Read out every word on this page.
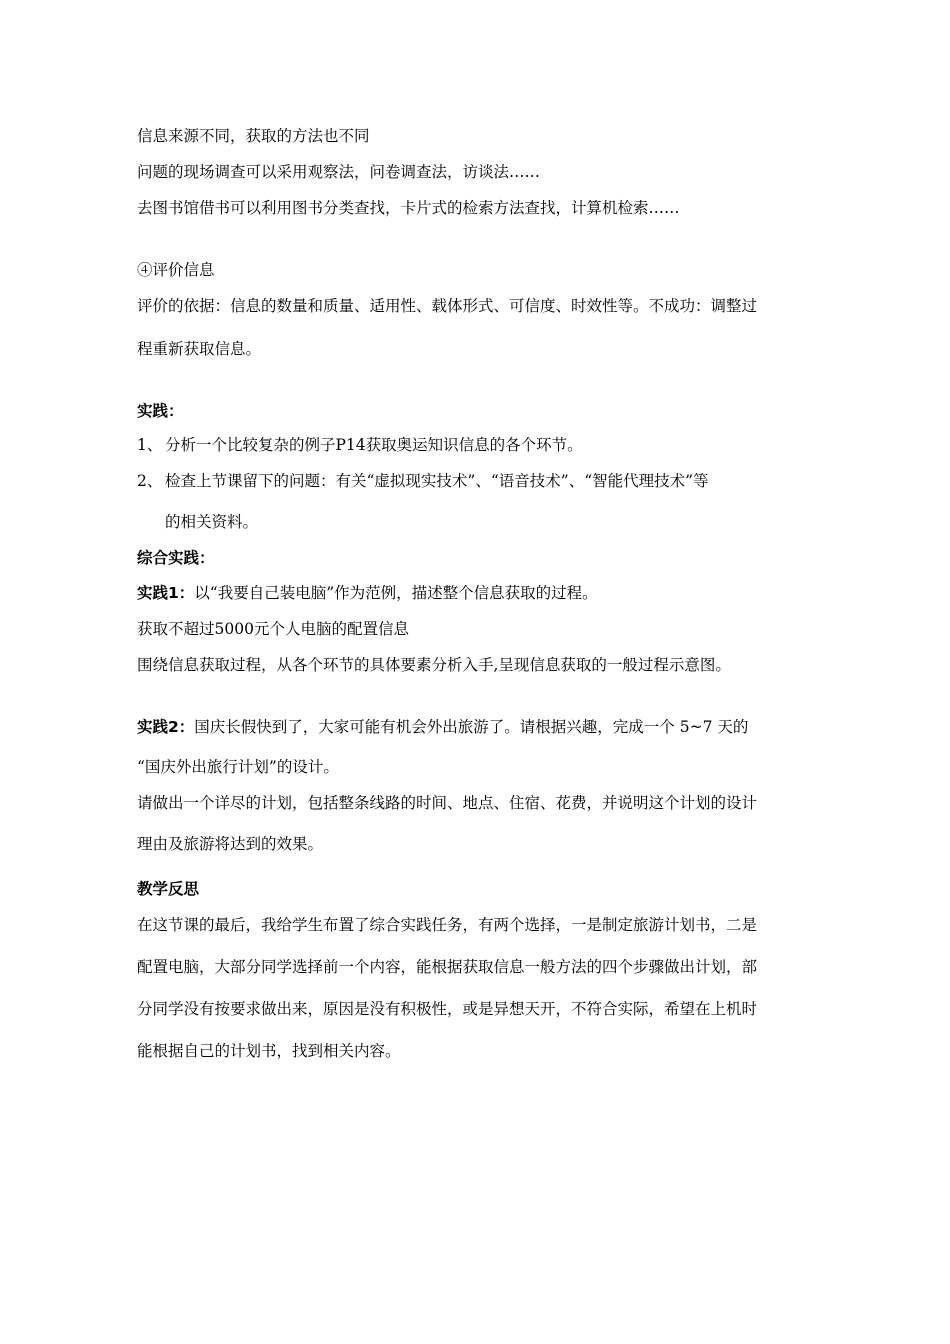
信息来源不同，获取的方法也不同
问题的现场调查可以采用观察法，问卷调查法，访谈法……
去图书馆借书可以利用图书分类查找，卡片式的检索方法查找，计算机检索……
④评价信息
评价的依据：信息的数量和质量、适用性、载体形式、可信度、时效性等。不成功：调整过
程重新获取信息。
实践：
1、 分析一个比较复杂的例子P14获取奥运知识信息的各个环节。
2、 检查上节课留下的问题：有关“虚拟现实技术”、“语音技术”、“智能代理技术”等
的相关资料。
综合实践：
实践1：以“我要自己装电脑”作为范例，描述整个信息获取的过程。
获取不超过5000元个人电脑的配置信息
围绕信息获取过程，从各个环节的具体要素分析入手,呈现信息获取的一般过程示意图。
实践2：国庆长假快到了，大家可能有机会外出旅游了。请根据兴趣，完成一个 5~7 天的
“国庆外出旅行计划”的设计。
请做出一个详尽的计划，包括整条线路的时间、地点、住宿、花费，并说明这个计划的设计
理由及旅游将达到的效果。
教学反思
在这节课的最后，我给学生布置了综合实践任务，有两个选择，一是制定旅游计划书，二是
配置电脑，大部分同学选择前一个内容，能根据获取信息一般方法的四个步骤做出计划，部
分同学没有按要求做出来，原因是没有积极性，或是异想天开，不符合实际，希望在上机时
能根据自己的计划书，找到相关内容。
